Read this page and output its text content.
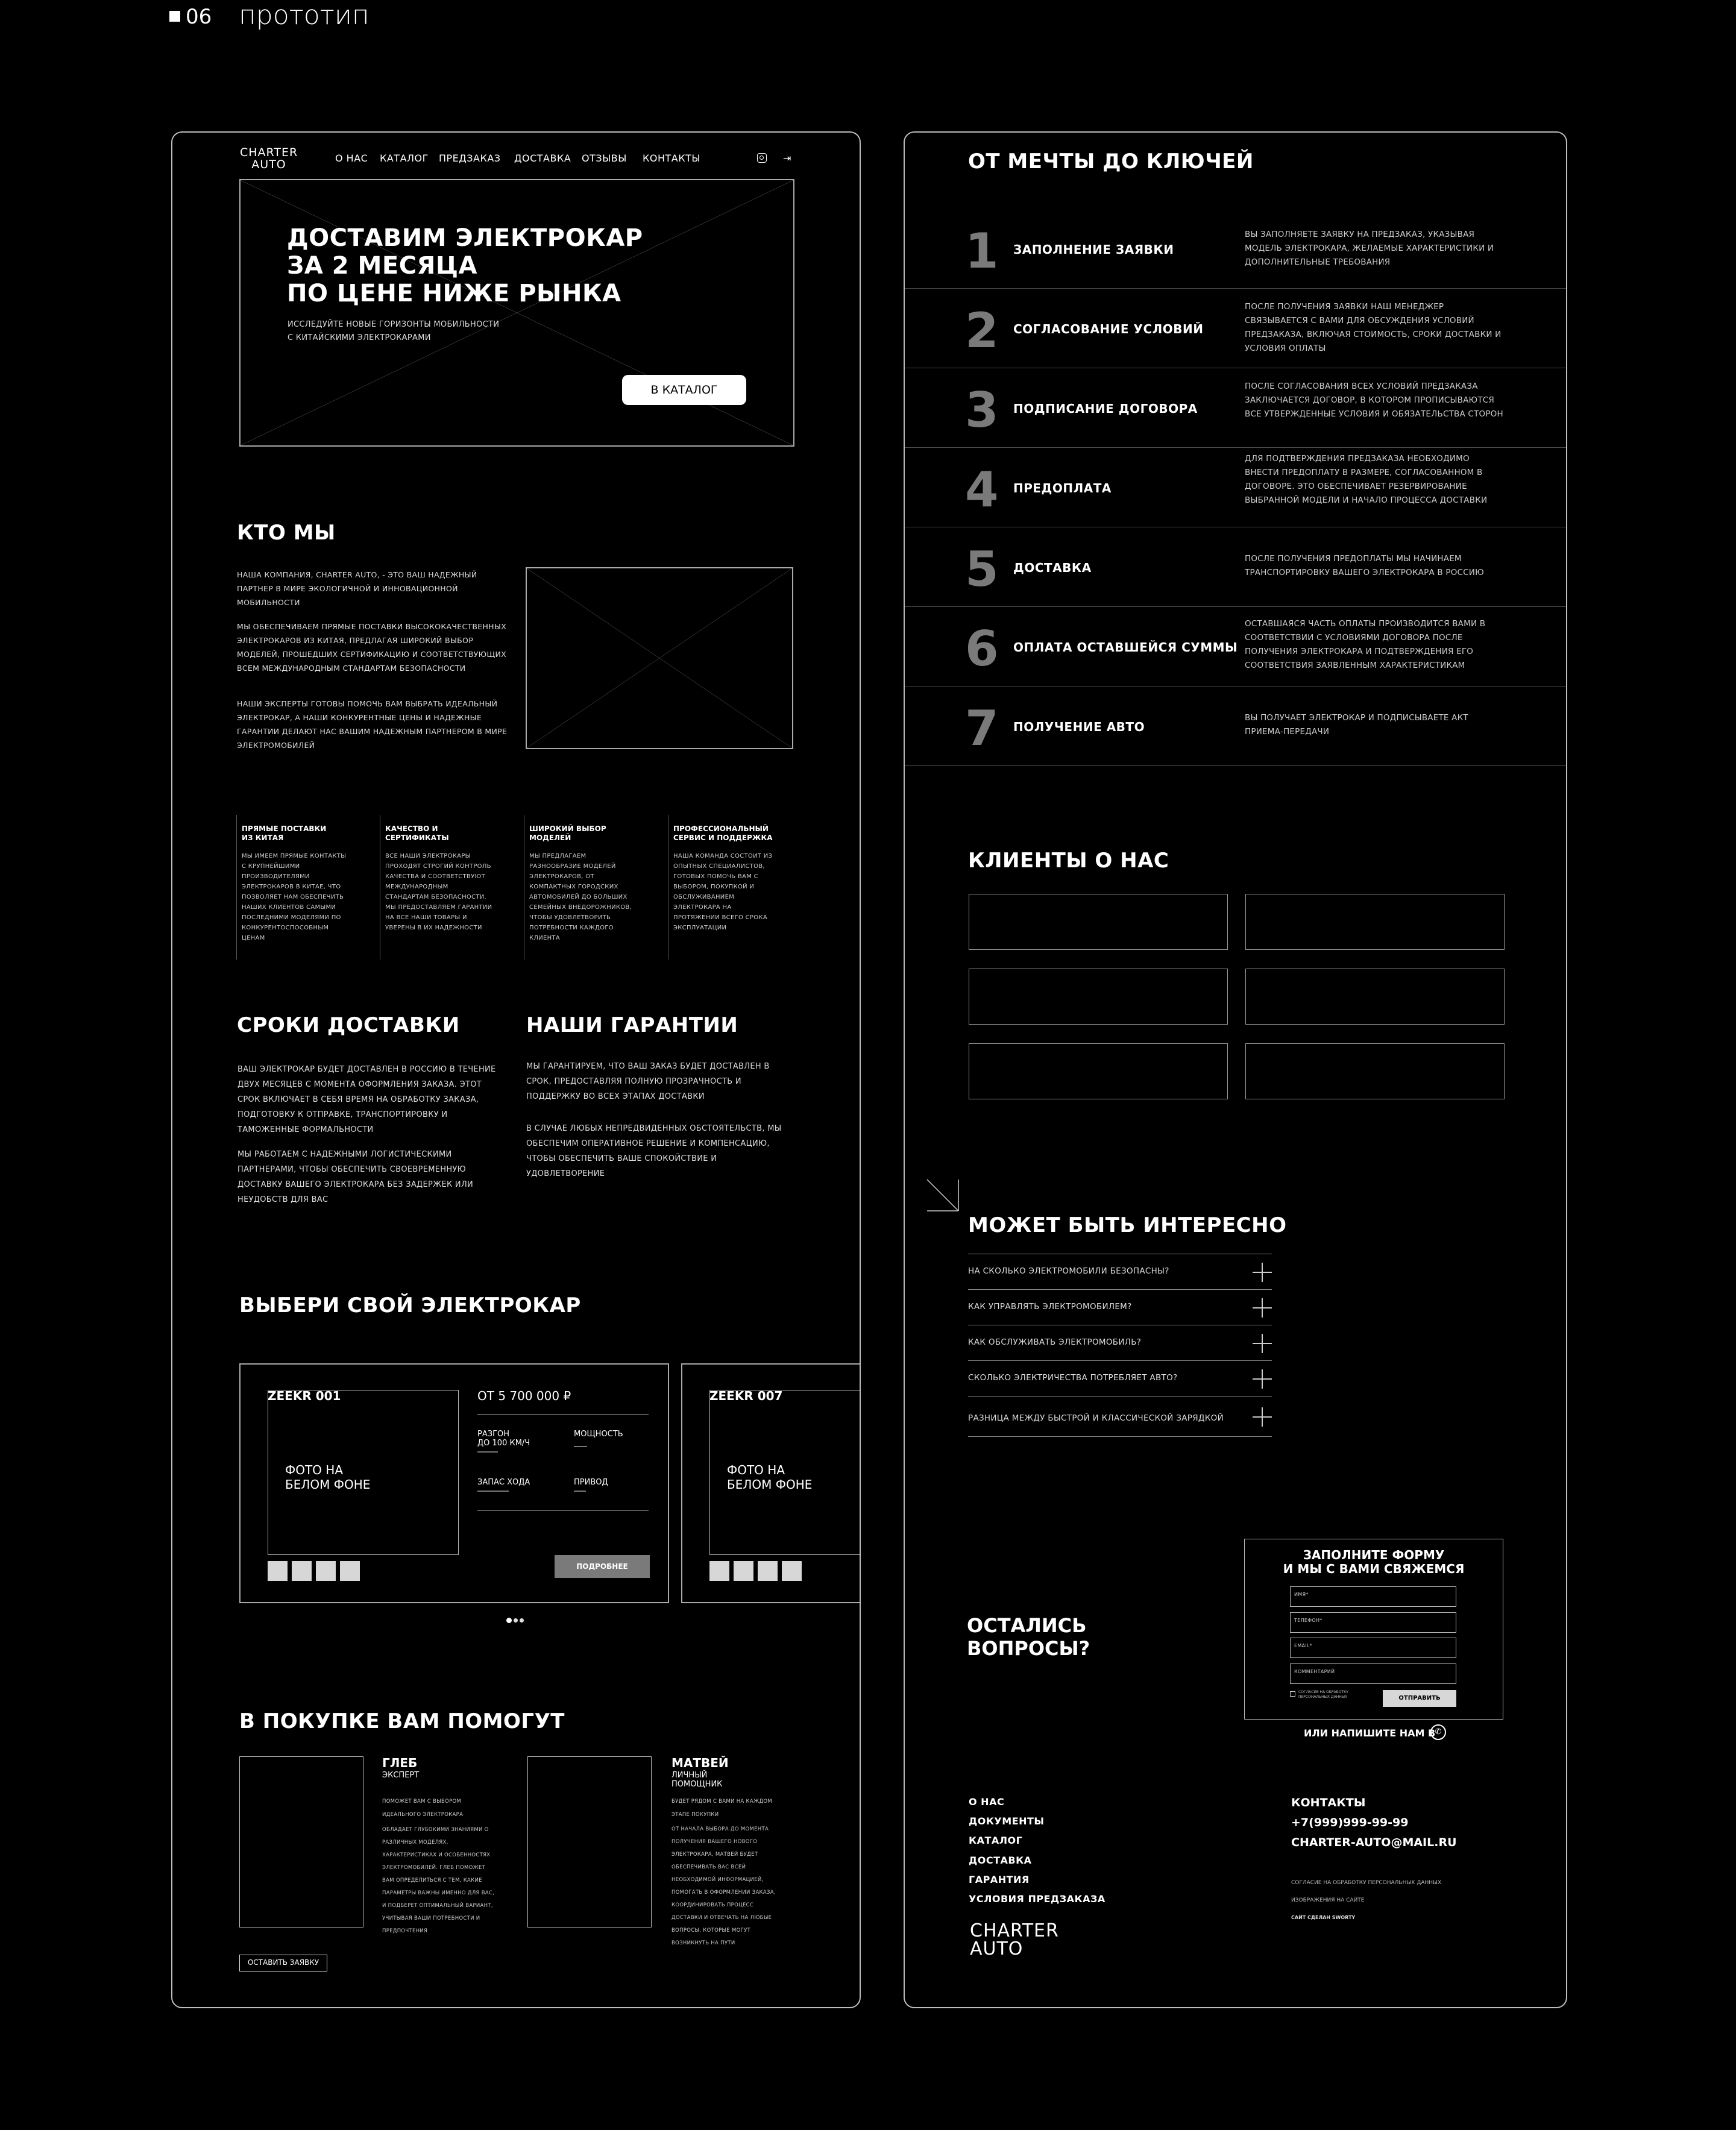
06 прототип
CHARTER
AUTO	О НАС КАТАЛОГ ПРЕДЗАКАЗ ДОСТАВКА ОТЗЫВЫ КОНТАКТЫ	⇥
ДОСТАВИМ ЭЛЕКТРОКАР
ЗА 2 МЕСЯЦА
ПО ЦЕНЕ НИЖЕ РЫНКА
ИССЛЕДУЙТЕ НОВЫЕ ГОРИЗОНТЫ МОБИЛЬНОСТИ
С КИТАЙСКИМИ ЭЛЕКТРОКАРАМИ
В КАТАЛОГ
КТО МЫ
НАША КОМПАНИЯ, CHARTER AUTO, - ЭТО ВАШ НАДЕЖНЫЙ ПАРТНЕР В МИРЕ ЭКОЛОГИЧНОЙ И ИННОВАЦИОННОЙ МОБИЛЬНОСТИ
МЫ ОБЕСПЕЧИВАЕМ ПРЯМЫЕ ПОСТАВКИ ВЫСОКОКАЧЕСТВЕННЫХ ЭЛЕКТРОКАРОВ ИЗ КИТАЯ, ПРЕДЛАГАЯ ШИРОКИЙ ВЫБОР МОДЕЛЕЙ, ПРОШЕДШИХ СЕРТИФИКАЦИЮ И СООТВЕТСТВУЮЩИХ ВСЕМ МЕЖДУНАРОДНЫМ СТАНДАРТАМ БЕЗОПАСНОСТИ
НАШИ ЭКСПЕРТЫ ГОТОВЫ ПОМОЧЬ ВАМ ВЫБРАТЬ ИДЕАЛЬНЫЙ ЭЛЕКТРОКАР, А НАШИ КОНКУРЕНТНЫЕ ЦЕНЫ И НАДЕЖНЫЕ ГАРАНТИИ ДЕЛАЮТ НАС ВАШИМ НАДЕЖНЫМ ПАРТНЕРОМ В МИРЕ ЭЛЕКТРОМОБИЛЕЙ
ПРЯМЫЕ ПОСТАВКИ ИЗ КИТАЯ
МЫ ИМЕЕМ ПРЯМЫЕ КОНТАКТЫ С КРУПНЕЙШИМИ ПРОИЗВОДИТЕЛЯМИ ЭЛЕКТРОКАРОВ В КИТАЕ, ЧТО ПОЗВОЛЯЕТ НАМ ОБЕСПЕЧИТЬ НАШИХ КЛИЕНТОВ САМЫМИ ПОСЛЕДНИМИ МОДЕЛЯМИ ПО КОНКУРЕНТОСПОСОБНЫМ ЦЕНАМ
КАЧЕСТВО И СЕРТИФИКАТЫ
ВСЕ НАШИ ЭЛЕКТРОКАРЫ ПРОХОДЯТ СТРОГИЙ КОНТРОЛЬ КАЧЕСТВА И СООТВЕТСТВУЮТ МЕЖДУНАРОДНЫМ СТАНДАРТАМ БЕЗОПАСНОСТИ. МЫ ПРЕДОСТАВЛЯЕМ ГАРАНТИИ НА ВСЕ НАШИ ТОВАРЫ И УВЕРЕНЫ В ИХ НАДЕЖНОСТИ
ШИРОКИЙ ВЫБОР МОДЕЛЕЙ
МЫ ПРЕДЛАГАЕМ РАЗНООБРАЗИЕ МОДЕЛЕЙ ЭЛЕКТРОКАРОВ, ОТ КОМПАКТНЫХ ГОРОДСКИХ АВТОМОБИЛЕЙ ДО БОЛЬШИХ СЕМЕЙНЫХ ВНЕДОРОЖНИКОВ, ЧТОБЫ УДОВЛЕТВОРИТЬ ПОТРЕБНОСТИ КАЖДОГО КЛИЕНТА
ПРОФЕССИОНАЛЬНЫЙ СЕРВИС И ПОДДЕРЖКА
НАША КОМАНДА СОСТОИТ ИЗ ОПЫТНЫХ СПЕЦИАЛИСТОВ, ГОТОВЫХ ПОМОЧЬ ВАМ С ВЫБОРОМ, ПОКУПКОЙ И ОБСЛУЖИВАНИЕМ ЭЛЕКТРОКАРА НА ПРОТЯЖЕНИИ ВСЕГО СРОКА ЭКСПЛУАТАЦИИ
СРОКИ ДОСТАВКИ
ВАШ ЭЛЕКТРОКАР БУДЕТ ДОСТАВЛЕН В РОССИЮ В ТЕЧЕНИЕ ДВУХ МЕСЯЦЕВ С МОМЕНТА ОФОРМЛЕНИЯ ЗАКАЗА. ЭТОТ СРОК ВКЛЮЧАЕТ В СЕБЯ ВРЕМЯ НА ОБРАБОТКУ ЗАКАЗА, ПОДГОТОВКУ К ОТПРАВКЕ, ТРАНСПОРТИРОВКУ И ТАМОЖЕННЫЕ ФОРМАЛЬНОСТИ
МЫ РАБОТАЕМ С НАДЕЖНЫМИ ЛОГИСТИЧЕСКИМИ ПАРТНЕРАМИ, ЧТОБЫ ОБЕСПЕЧИТЬ СВОЕВРЕМЕННУЮ ДОСТАВКУ ВАШЕГО ЭЛЕКТРОКАРА БЕЗ ЗАДЕРЖЕК ИЛИ НЕУДОБСТВ ДЛЯ ВАС
НАШИ ГАРАНТИИ
МЫ ГАРАНТИРУЕМ, ЧТО ВАШ ЗАКАЗ БУДЕТ ДОСТАВЛЕН В СРОК, ПРЕДОСТАВЛЯЯ ПОЛНУЮ ПРОЗРАЧНОСТЬ И ПОДДЕРЖКУ ВО ВСЕХ ЭТАПАХ ДОСТАВКИ
В СЛУЧАЕ ЛЮБЫХ НЕПРЕДВИДЕННЫХ ОБСТОЯТЕЛЬСТВ, МЫ ОБЕСПЕЧИМ ОПЕРАТИВНОЕ РЕШЕНИЕ И КОМПЕНСАЦИЮ, ЧТОБЫ ОБЕСПЕЧИТЬ ВАШЕ СПОКОЙСТВИЕ И УДОВЛЕТВОРЕНИЕ
ВЫБЕРИ СВОЙ ЭЛЕКТРОКАР
ZEEKR 001
ФОТО НА
БЕЛОМ ФОНЕ
ОТ 5 700 000 ₽
РАЗГОН
ДО 100 КМ/Ч
МОЩНОСТЬ
ЗАПАС ХОДА	ПРИВОД
ПОДРОБНЕЕ
ZEEKR 007
ФОТО НА
БЕЛОМ ФОНЕ
В ПОКУПКЕ ВАМ ПОМОГУТ
ГЛЕБ
ЭКСПЕРТ
ПОМОЖЕТ ВАМ С ВЫБОРОМ ИДЕАЛЬНОГО ЭЛЕКТРОКАРА
ОБЛАДАЕТ ГЛУБОКИМИ ЗНАНИЯМИ О РАЗЛИЧНЫХ МОДЕЛЯХ, ХАРАКТЕРИСТИКАХ И ОСОБЕННОСТЯХ ЭЛЕКТРОМОБИЛЕЙ. ГЛЕБ ПОМОЖЕТ ВАМ ОПРЕДЕЛИТЬСЯ С ТЕМ, КАКИЕ ПАРАМЕТРЫ ВАЖНЫ ИМЕННО ДЛЯ ВАС, И ПОДБЕРЕТ ОПТИМАЛЬНЫЙ ВАРИАНТ, УЧИТЫВАЯ ВАШИ ПОТРЕБНОСТИ И ПРЕДПОЧТЕНИЯ
МАТВЕЙ
ЛИЧНЫЙ
ПОМОЩНИК
БУДЕТ РЯДОМ С ВАМИ НА КАЖДОМ ЭТАПЕ ПОКУПКИ
ОТ НАЧАЛА ВЫБОРА ДО МОМЕНТА ПОЛУЧЕНИЯ ВАШЕГО НОВОГО ЭЛЕКТРОКАРА, МАТВЕЙ БУДЕТ ОБЕСПЕЧИВАТЬ ВАС ВСЕЙ НЕОБХОДИМОЙ ИНФОРМАЦИЕЙ, ПОМОГАТЬ В ОФОРМЛЕНИИ ЗАКАЗА, КООРДИНИРОВАТЬ ПРОЦЕСС ДОСТАВКИ И ОТВЕЧАТЬ НА ЛЮБЫЕ ВОПРОСЫ, КОТОРЫЕ МОГУТ ВОЗНИКНУТЬ НА ПУТИ
ОСТАВИТЬ ЗАЯВКУ
ОТ МЕЧТЫ ДО КЛЮЧЕЙ
1 ЗАПОЛНЕНИЕ ЗАЯВКИ
ВЫ ЗАПОЛНЯЕТЕ ЗАЯВКУ НА ПРЕДЗАКАЗ, УКАЗЫВАЯ МОДЕЛЬ ЭЛЕКТРОКАРА, ЖЕЛАЕМЫЕ ХАРАКТЕРИСТИКИ И ДОПОЛНИТЕЛЬНЫЕ ТРЕБОВАНИЯ
2 СОГЛАСОВАНИЕ УСЛОВИЙ
ПОСЛЕ ПОЛУЧЕНИЯ ЗАЯВКИ НАШ МЕНЕДЖЕР СВЯЗЫВАЕТСЯ С ВАМИ ДЛЯ ОБСУЖДЕНИЯ УСЛОВИЙ ПРЕДЗАКАЗА, ВКЛЮЧАЯ СТОИМОСТЬ, СРОКИ ДОСТАВКИ И УСЛОВИЯ ОПЛАТЫ
3 ПОДПИСАНИЕ ДОГОВОРА
ПОСЛЕ СОГЛАСОВАНИЯ ВСЕХ УСЛОВИЙ ПРЕДЗАКАЗА ЗАКЛЮЧАЕТСЯ ДОГОВОР, В КОТОРОМ ПРОПИСЫВАЮТСЯ ВСЕ УТВЕРЖДЕННЫЕ УСЛОВИЯ И ОБЯЗАТЕЛЬСТВА СТОРОН
4 ПРЕДОПЛАТА
ДЛЯ ПОДТВЕРЖДЕНИЯ ПРЕДЗАКАЗА НЕОБХОДИМО ВНЕСТИ ПРЕДОПЛАТУ В РАЗМЕРЕ, СОГЛАСОВАННОМ В ДОГОВОРЕ. ЭТО ОБЕСПЕЧИВАЕТ РЕЗЕРВИРОВАНИЕ ВЫБРАННОЙ МОДЕЛИ И НАЧАЛО ПРОЦЕССА ДОСТАВКИ
5 ДОСТАВКА
ПОСЛЕ ПОЛУЧЕНИЯ ПРЕДОПЛАТЫ МЫ НАЧИНАЕМ ТРАНСПОРТИРОВКУ ВАШЕГО ЭЛЕКТРОКАРА В РОССИЮ
6 ОПЛАТА ОСТАВШЕЙСЯ СУММЫ
ОСТАВШАЯСЯ ЧАСТЬ ОПЛАТЫ ПРОИЗВОДИТСЯ ВАМИ В СООТВЕТСТВИИ С УСЛОВИЯМИ ДОГОВОРА ПОСЛЕ ПОЛУЧЕНИЯ ЭЛЕКТРОКАРА И ПОДТВЕРЖДЕНИЯ ЕГО СООТВЕТСТВИЯ ЗАЯВЛЕННЫМ ХАРАКТЕРИСТИКАМ
7 ПОЛУЧЕНИЕ АВТО
ВЫ ПОЛУЧАЕТ ЭЛЕКТРОКАР И ПОДПИСЫВАЕТЕ АКТ ПРИЕМА-ПЕРЕДАЧИ
КЛИЕНТЫ О НАС
МОЖЕТ БЫТЬ ИНТЕРЕСНО
НА СКОЛЬКО ЭЛЕКТРОМОБИЛИ БЕЗОПАСНЫ?
КАК УПРАВЛЯТЬ ЭЛЕКТРОМОБИЛЕМ?
КАК ОБСЛУЖИВАТЬ ЭЛЕКТРОМОБИЛЬ?
СКОЛЬКО ЭЛЕКТРИЧЕСТВА ПОТРЕБЛЯЕТ АВТО?
РАЗНИЦА МЕЖДУ БЫСТРОЙ И КЛАССИЧЕСКОЙ ЗАРЯДКОЙ
ОСТАЛИСЬ
ВОПРОСЫ?
ЗАПОЛНИТЕ ФОРМУ
И МЫ С ВАМИ СВЯЖЕМСЯ
ИМЯ*
ТЕЛЕФОН*
EMAIL*
КОММЕНТАРИЙ
СОГЛАСИЕ НА ОБРАБОТКУ ПЕРСОНАЛЬНЫХ ДАННЫХ	ОТПРАВИТЬ
ИЛИ НАПИШИТЕ НАМ В ✆
О НАС
ДОКУМЕНТЫ
КАТАЛОГ
ДОСТАВКА
ГАРАНТИЯ
УСЛОВИЯ ПРЕДЗАКАЗА
CHARTER
AUTO
КОНТАКТЫ
+7(999)999-99-99
CHARTER-AUTO@MAIL.RU
СОГЛАСИЕ НА ОБРАБОТКУ ПЕРСОНАЛЬНЫХ ДАННЫХ
ИЗОБРАЖЕНИЯ НА САЙТЕ
САЙТ СДЕЛАН SWORTY
